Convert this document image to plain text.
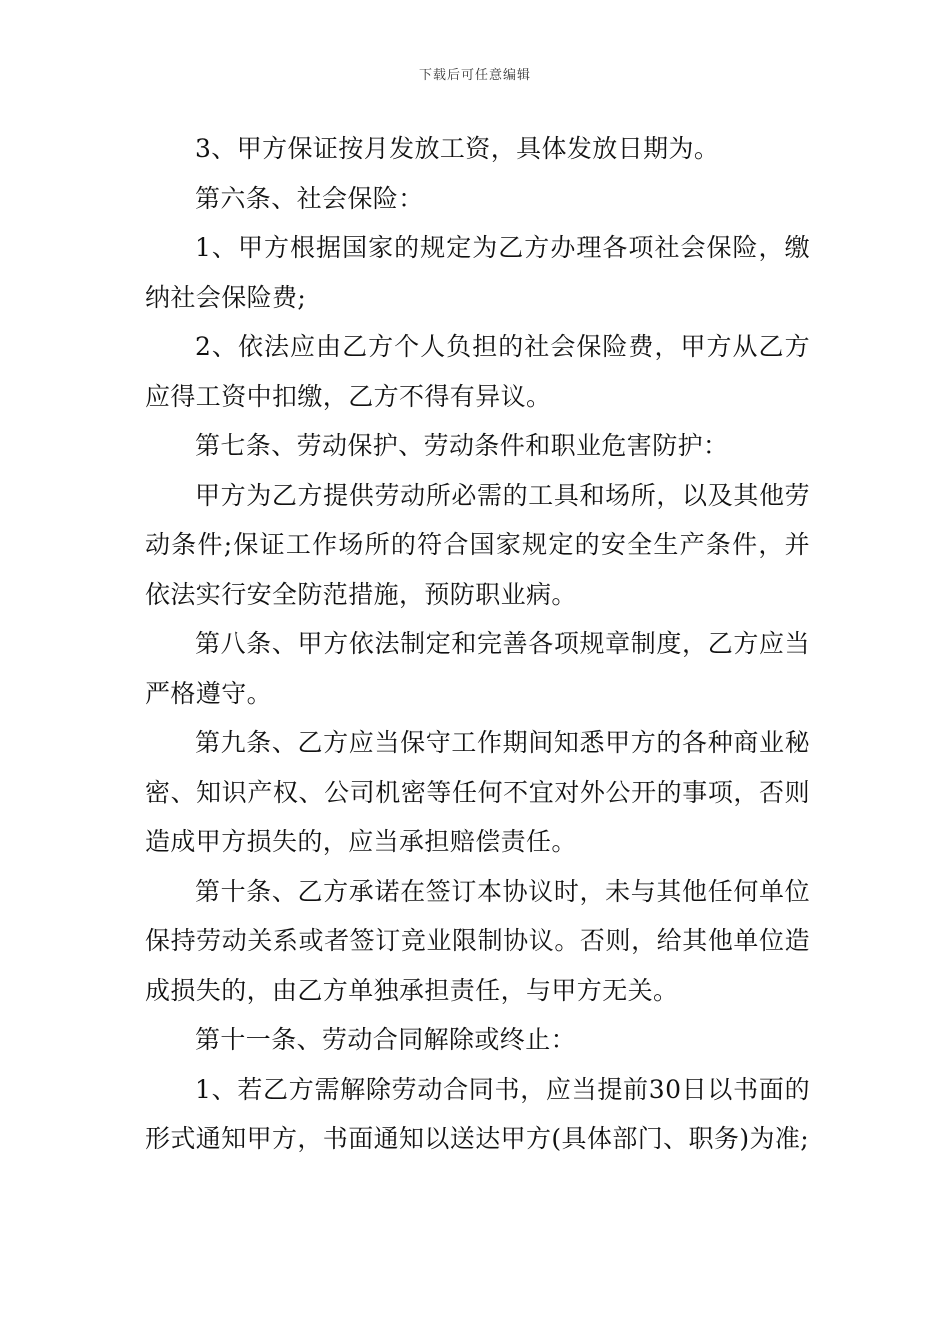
下载后可任意编辑

3、甲方保证按月发放工资，具体发放日期为。

第六条、社会保险：

1、甲方根据国家的规定为乙方办理各项社会保险，缴纳社会保险费;

2、依法应由乙方个人负担的社会保险费，甲方从乙方应得工资中扣缴，乙方不得有异议。

第七条、劳动保护、劳动条件和职业危害防护：

甲方为乙方提供劳动所必需的工具和场所，以及其他劳动条件;保证工作场所的符合国家规定的安全生产条件，并依法实行安全防范措施，预防职业病。

第八条、甲方依法制定和完善各项规章制度，乙方应当严格遵守。

第九条、乙方应当保守工作期间知悉甲方的各种商业秘密、知识产权、公司机密等任何不宜对外公开的事项，否则造成甲方损失的，应当承担赔偿责任。

第十条、乙方承诺在签订本协议时，未与其他任何单位保持劳动关系或者签订竞业限制协议。否则，给其他单位造成损失的，由乙方单独承担责任，与甲方无关。

第十一条、劳动合同解除或终止：

1、若乙方需解除劳动合同书，应当提前30日以书面的形式通知甲方，书面通知以送达甲方(具体部门、职务)为准;
